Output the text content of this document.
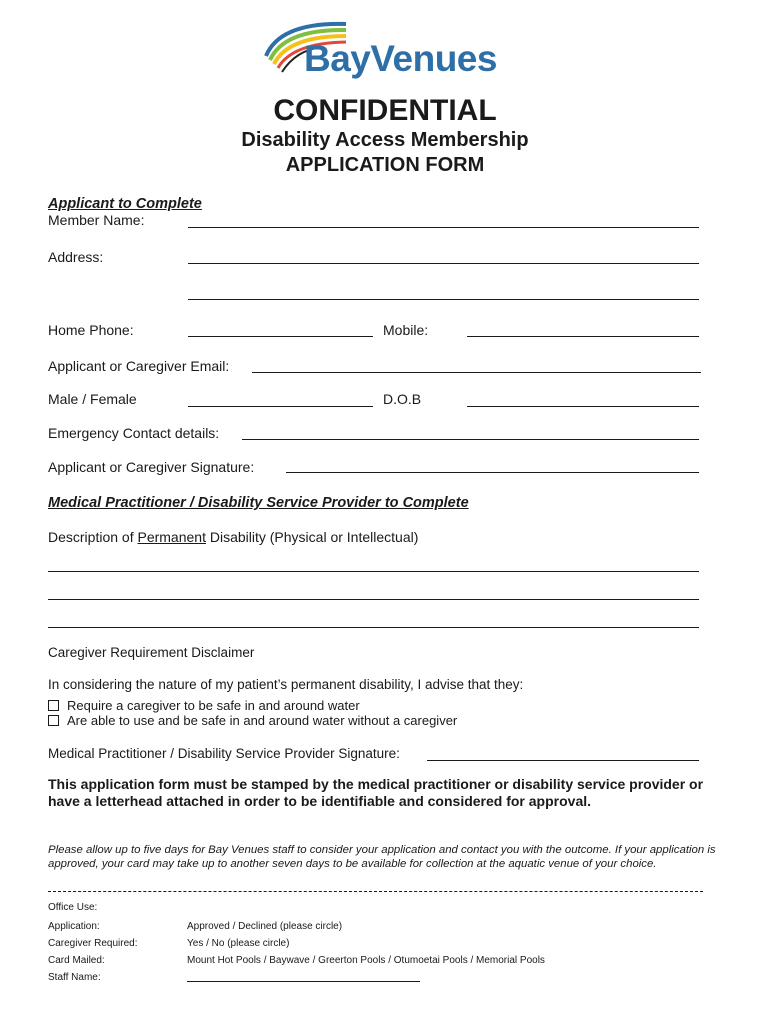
BayVenues
CONFIDENTIAL
Disability Access Membership
APPLICATION FORM
Applicant to Complete
Member Name:
Address:
Home Phone:	Mobile:
Applicant or Caregiver Email:
Male / Female	D.O.B
Emergency Contact details:
Applicant or Caregiver Signature:
Medical Practitioner / Disability Service Provider to Complete
Description of Permanent Disability (Physical or Intellectual)
Caregiver Requirement Disclaimer
In considering the nature of my patient’s permanent disability, I advise that they:
Require a caregiver to be safe in and around water
Are able to use and be safe in and around water without a caregiver
Medical Practitioner / Disability Service Provider Signature:
This application form must be stamped by the medical practitioner or disability service provider or have a letterhead attached in order to be identifiable and considered for approval.
Please allow up to five days for Bay Venues staff to consider your application and contact you with the outcome. If your application is approved, your card may take up to another seven days to be available for collection at the aquatic venue of your choice.
Office Use:
Application:	Approved / Declined (please circle)
Caregiver Required:	Yes / No (please circle)
Card Mailed:	Mount Hot Pools / Baywave / Greerton Pools / Otumoetai Pools / Memorial Pools
Staff Name:
